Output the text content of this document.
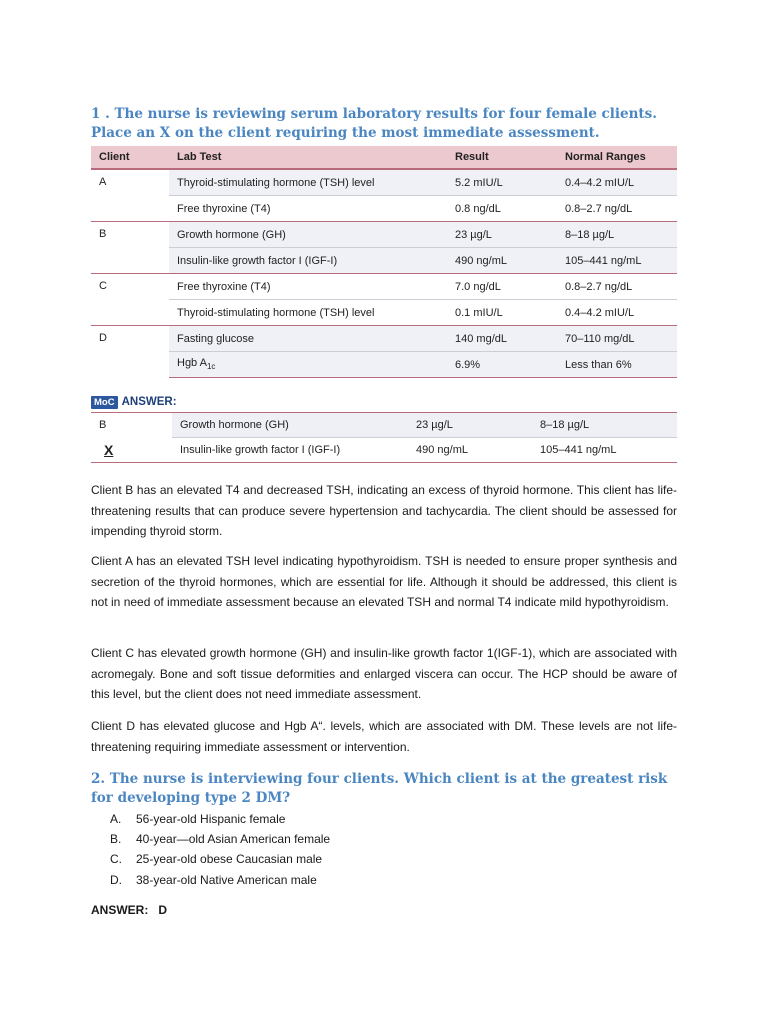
1 . The nurse is reviewing serum laboratory results for four female clients. Place an X on the client requiring the most immediate assessment.
Client	Lab Test	Result	Normal Ranges
A	Thyroid-stimulating hormone (TSH) level	5.2 mIU/L	0.4–4.2 mIU/L
	Free thyroxine (T4)	0.8 ng/dL	0.8–2.7 ng/dL
B	Growth hormone (GH)	23 µg/L	8–18 µg/L
	Insulin-like growth factor I (IGF-I)	490 ng/mL	105–441 ng/mL
C	Free thyroxine (T4)	7.0 ng/dL	0.8–2.7 ng/dL
	Thyroid-stimulating hormone (TSH) level	0.1 mIU/L	0.4–4.2 mIU/L
D	Fasting glucose	140 mg/dL	70–110 mg/dL
	Hgb $A_{1c}$	6.9%	Less than 6%
MoC ANSWER:
B	Growth hormone (GH)	23 µg/L	8–18 µg/L
X	Insulin-like growth factor I (IGF-I)	490 ng/mL	105–441 ng/mL

Client B has an elevated T4 and decreased TSH, indicating an excess of thyroid hormone. This client has life-threatening results that can produce severe hypertension and tachycardia. The client should be assessed for impending thyroid storm.

Client A has an elevated TSH level indicating hypothyroidism. TSH is needed to ensure proper synthesis and secretion of the thyroid hormones, which are essential for life. Although it should be addressed, this client is not in need of immediate assessment because an elevated TSH and normal T4 indicate mild hypothyroidism.

Client C has elevated growth hormone (GH) and insulin-like growth factor 1(IGF-1), which are associated with acromegaly. Bone and soft tissue deformities and enlarged viscera can occur. The HCP should be aware of this level, but the client does not need immediate assessment.

Client D has elevated glucose and Hgb A“. levels, which are associated with DM. These levels are not life-threatening requiring immediate assessment or intervention.

2. The nurse is interviewing four clients. Which client is at the greatest risk for developing type 2 DM?
A.	56-year-old Hispanic female
B.	40-year—old Asian American female
C.	25-year-old obese Caucasian male
D.	38-year-old Native American male
ANSWER:   D
